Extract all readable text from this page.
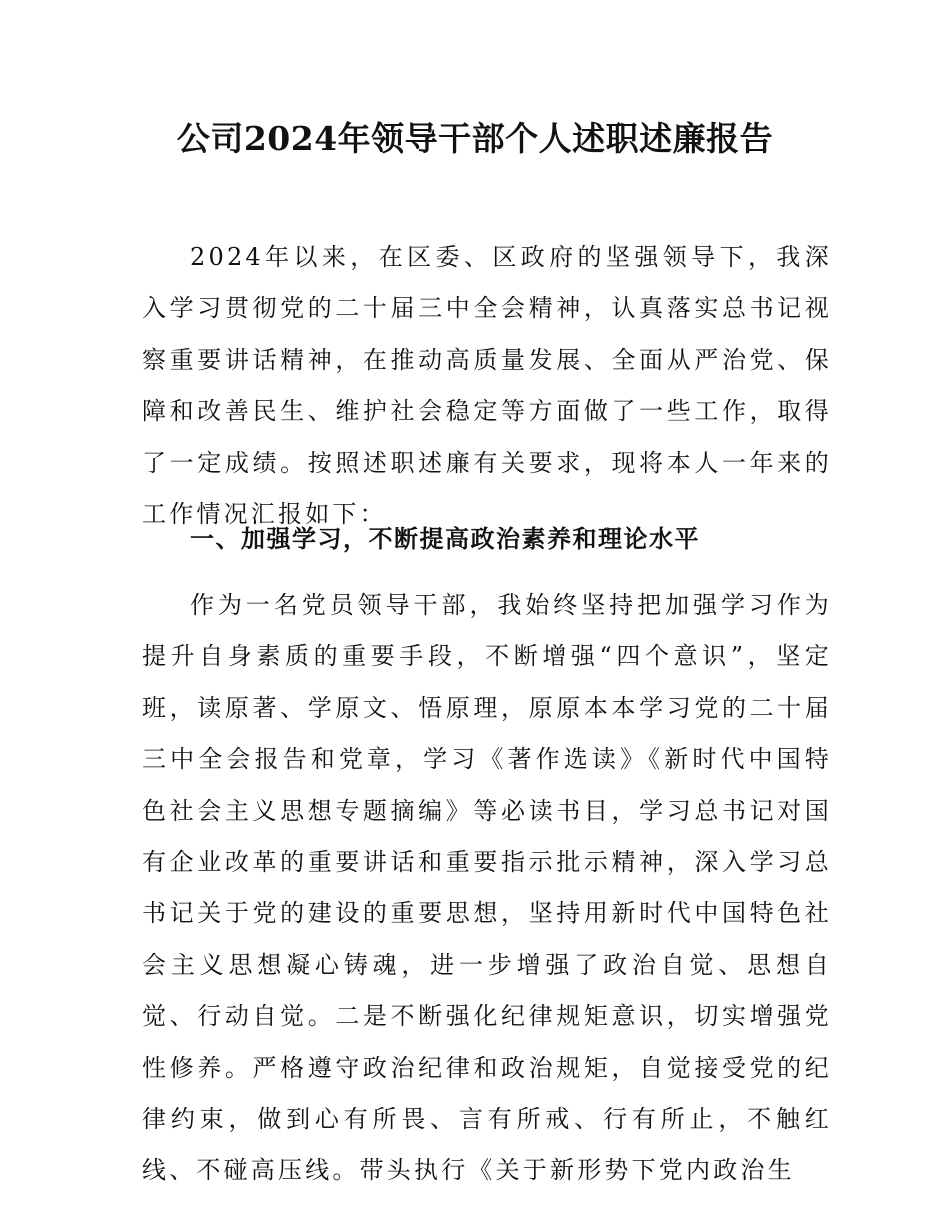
公司2024年领导干部个人述职述廉报告

2024年以来，在区委、区政府的坚强领导下，我深入学习贯彻党的二十届三中全会精神，认真落实总书记视察重要讲话精神，在推动高质量发展、全面从严治党、保障和改善民生、维护社会稳定等方面做了一些工作，取得了一定成绩。按照述职述廉有关要求，现将本人一年来的工作情况汇报如下：

一、加强学习，不断提高政治素养和理论水平

作为一名党员领导干部，我始终坚持把加强学习作为提升自身素质的重要手段，不断增强“四个意识”，坚定班，读原著、学原文、悟原理，原原本本学习党的二十届三中全会报告和党章，学习《著作选读》《新时代中国特色社会主义思想专题摘编》等必读书目，学习总书记对国有企业改革的重要讲话和重要指示批示精神，深入学习总书记关于党的建设的重要思想，坚持用新时代中国特色社会主义思想凝心铸魂，进一步增强了政治自觉、思想自觉、行动自觉。二是不断强化纪律规矩意识，切实增强党性修养。严格遵守政治纪律和政治规矩，自觉接受党的纪律约束，做到心有所畏、言有所戒、行有所止，不触红线、不碰高压线。带头执行《关于新形势下党内政治生
